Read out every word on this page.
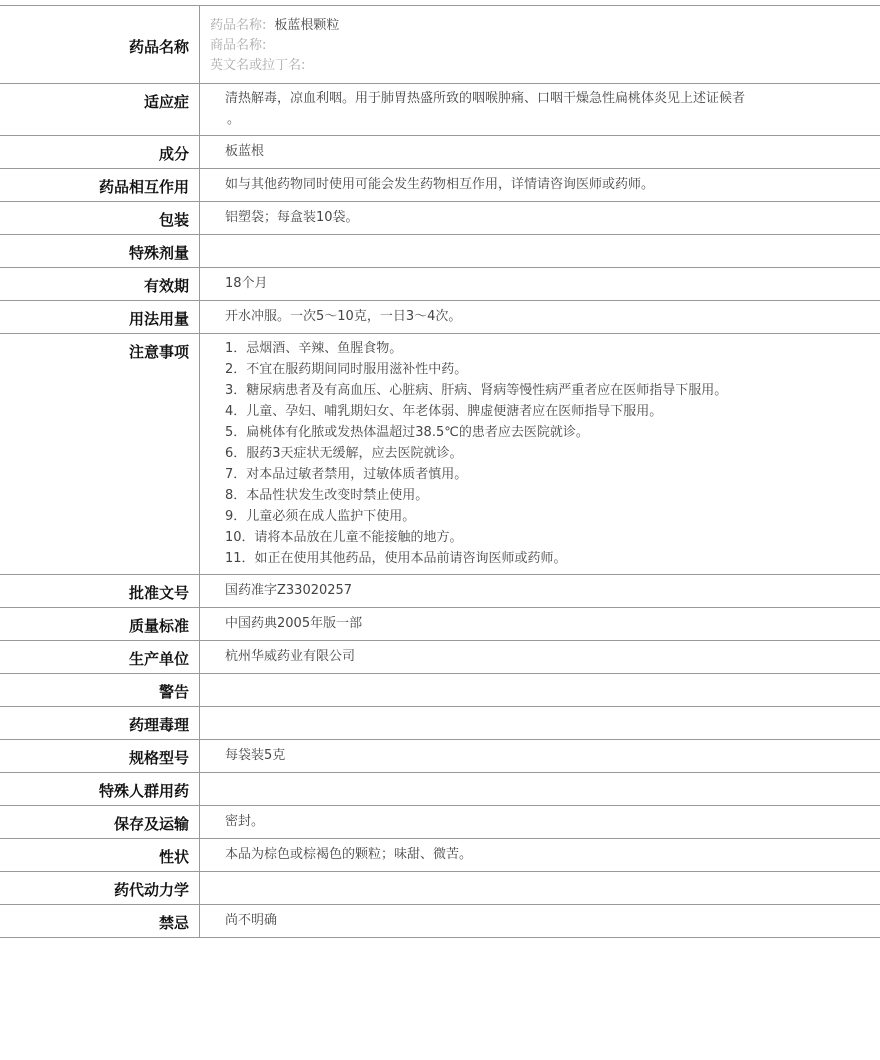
药品名称
药品名称: 板蓝根颗粒
商品名称:
英文名或拉丁名:
适应症	清热解毒，凉血利咽。用于肺胃热盛所致的咽喉肿痛、口咽干燥急性扁桃体炎见上述证候者
。
成分	板蓝根
药品相互作用	如与其他药物同时使用可能会发生药物相互作用，详情请咨询医师或药师。
包装	铝塑袋；每盒装10袋。
特殊剂量
有效期	18个月
用法用量	开水冲服。一次5～10克，一日3～4次。
注意事项	1．忌烟酒、辛辣、鱼腥食物。
2．不宜在服药期间同时服用滋补性中药。
3．糖尿病患者及有高血压、心脏病、肝病、肾病等慢性病严重者应在医师指导下服用。
4．儿童、孕妇、哺乳期妇女、年老体弱、脾虚便溏者应在医师指导下服用。
5．扁桃体有化脓或发热体温超过38.5℃的患者应去医院就诊。
6．服药3天症状无缓解，应去医院就诊。
7．对本品过敏者禁用，过敏体质者慎用。
8．本品性状发生改变时禁止使用。
9．儿童必须在成人监护下使用。
10．请将本品放在儿童不能接触的地方。
11．如正在使用其他药品，使用本品前请咨询医师或药师。
批准文号	国药准字Z33020257
质量标准	中国药典2005年版一部
生产单位	杭州华威药业有限公司
警告
药理毒理
规格型号	每袋装5克
特殊人群用药
保存及运输	密封。
性状	本品为棕色或棕褐色的颗粒；味甜、微苦。
药代动力学
禁忌	尚不明确
